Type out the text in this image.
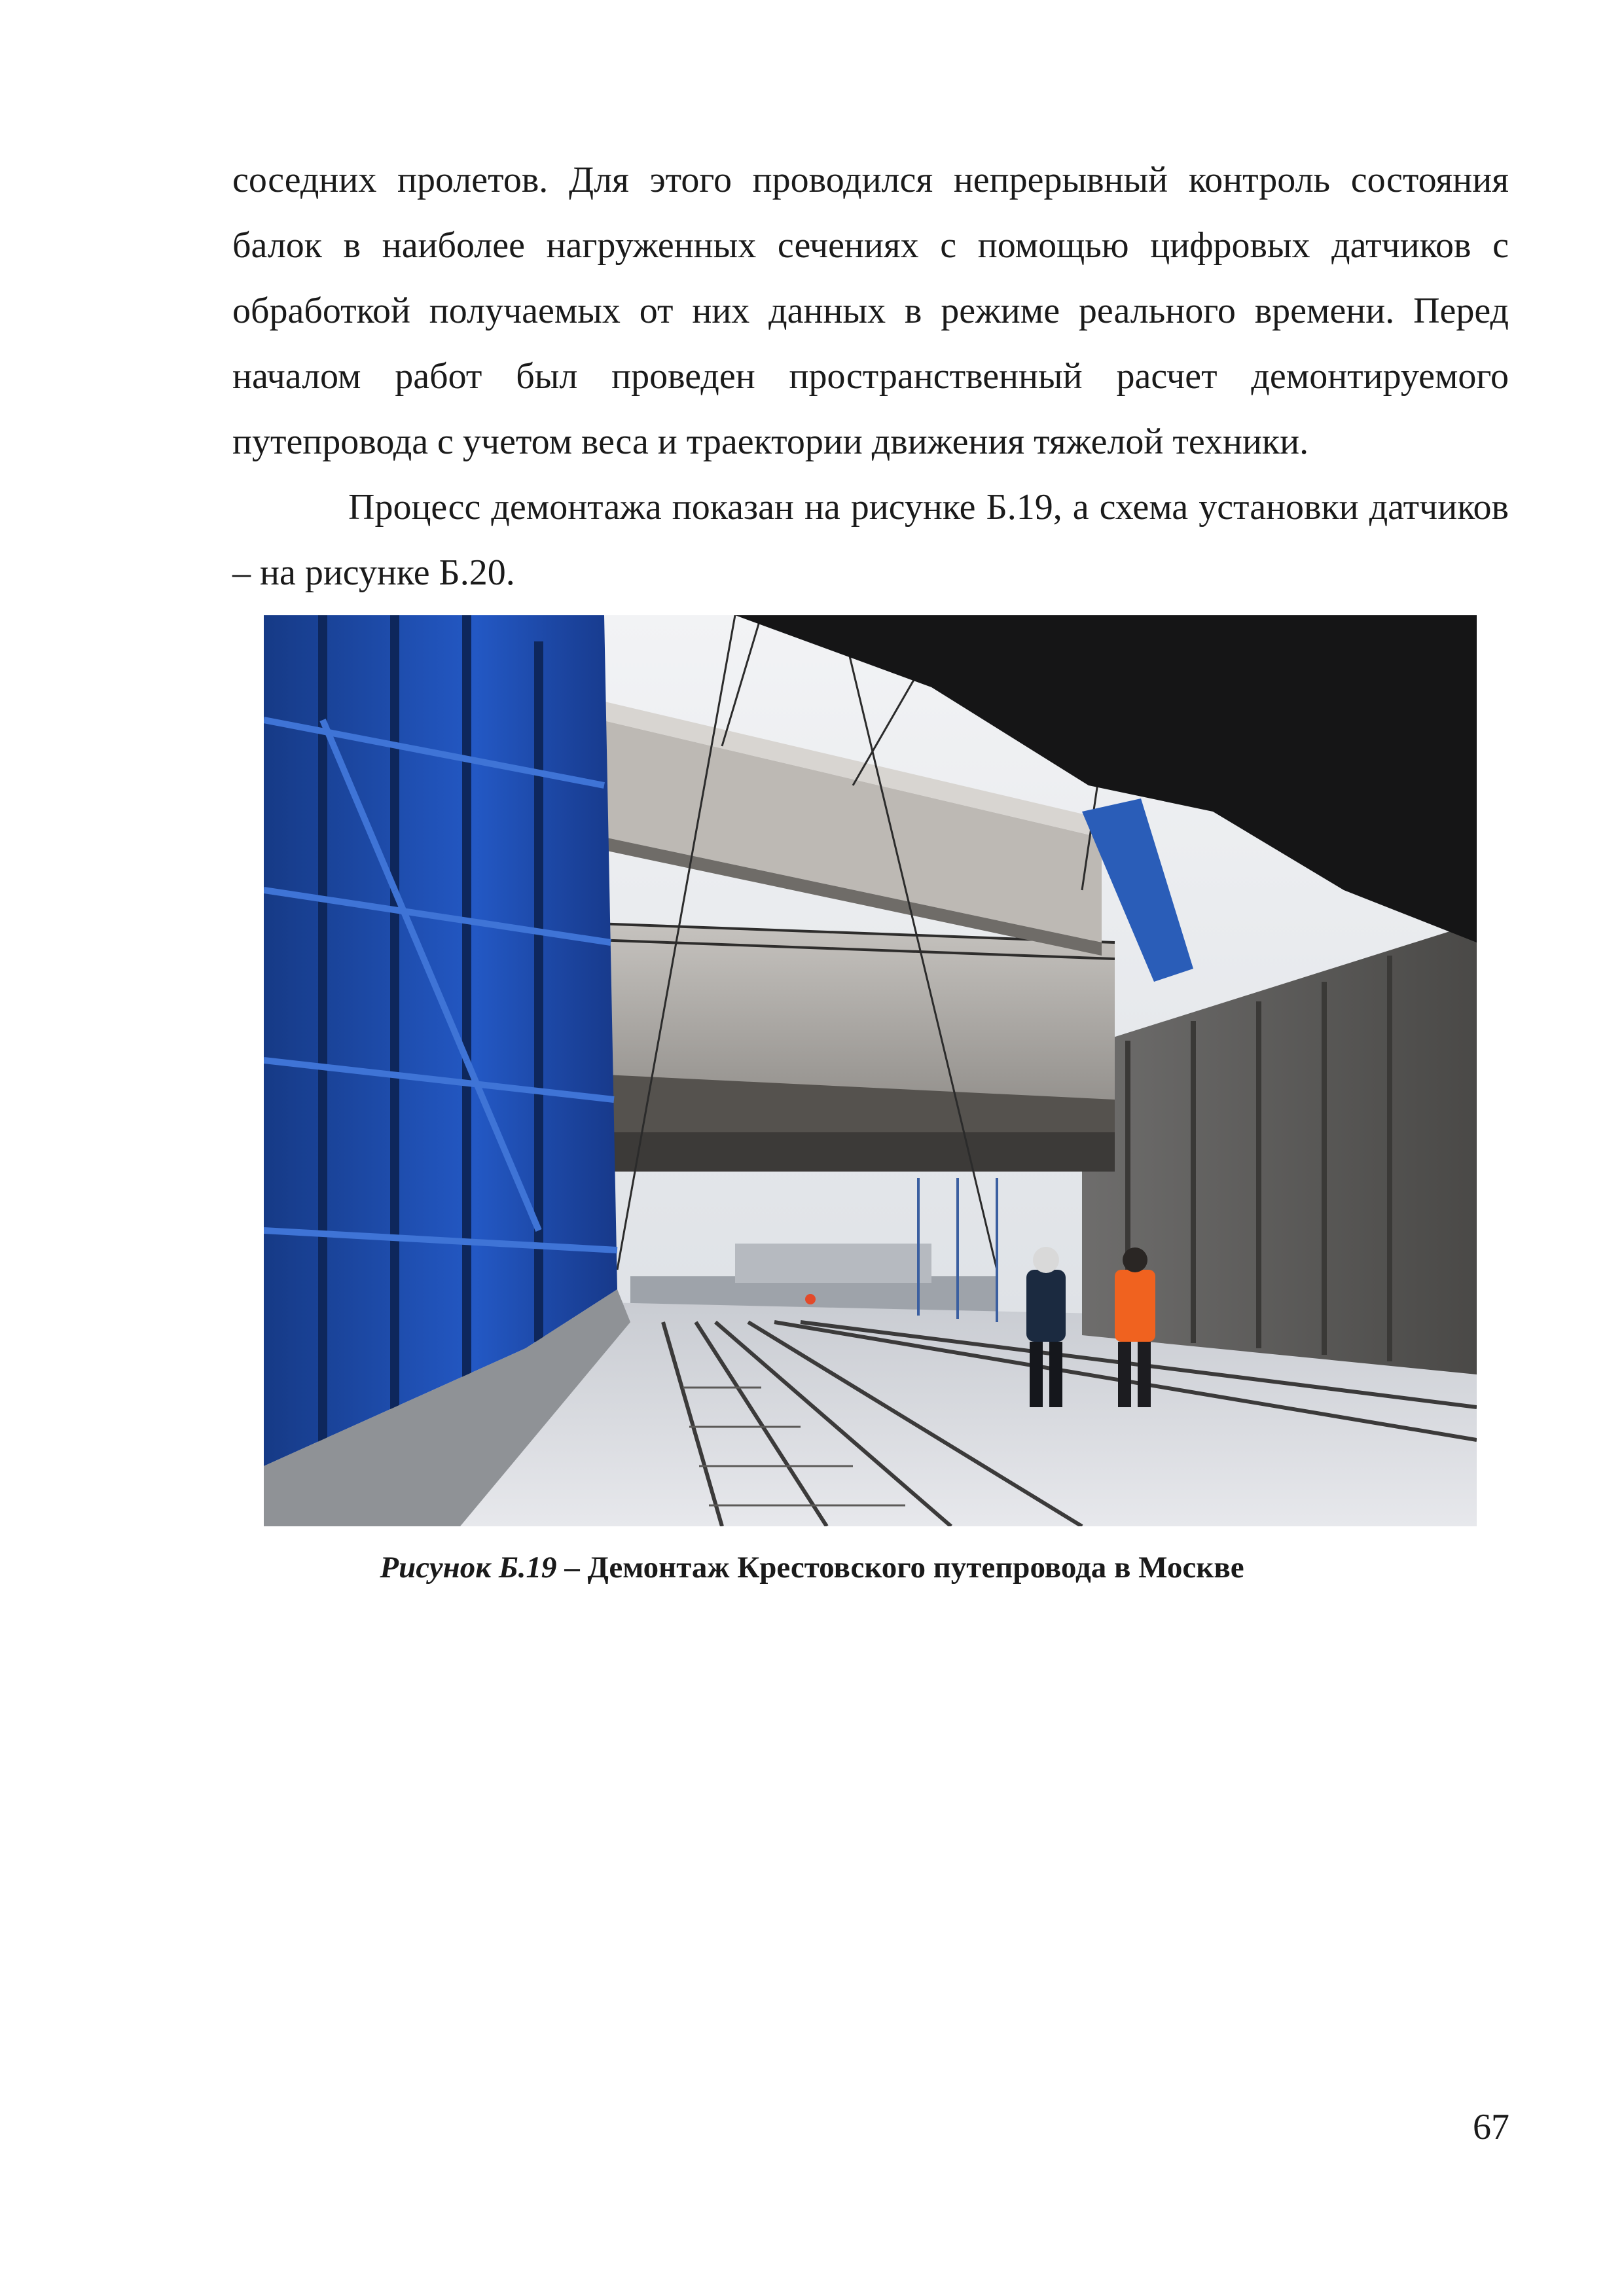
соседних пролетов. Для этого проводился непрерывный контроль состояния балок в наиболее нагруженных сечениях с помощью цифровых датчиков с обработкой получаемых от них данных в режиме реального времени. Перед началом работ был проведен пространственный расчет демонтируемого путепровода с учетом веса и траектории движения тяжелой техники.

Процесс демонтажа показан на рисунке Б.19, а схема установки датчиков – на рисунке Б.20.

Рисунок Б.19 – Демонтаж Крестовского путепровода в Москве
67
